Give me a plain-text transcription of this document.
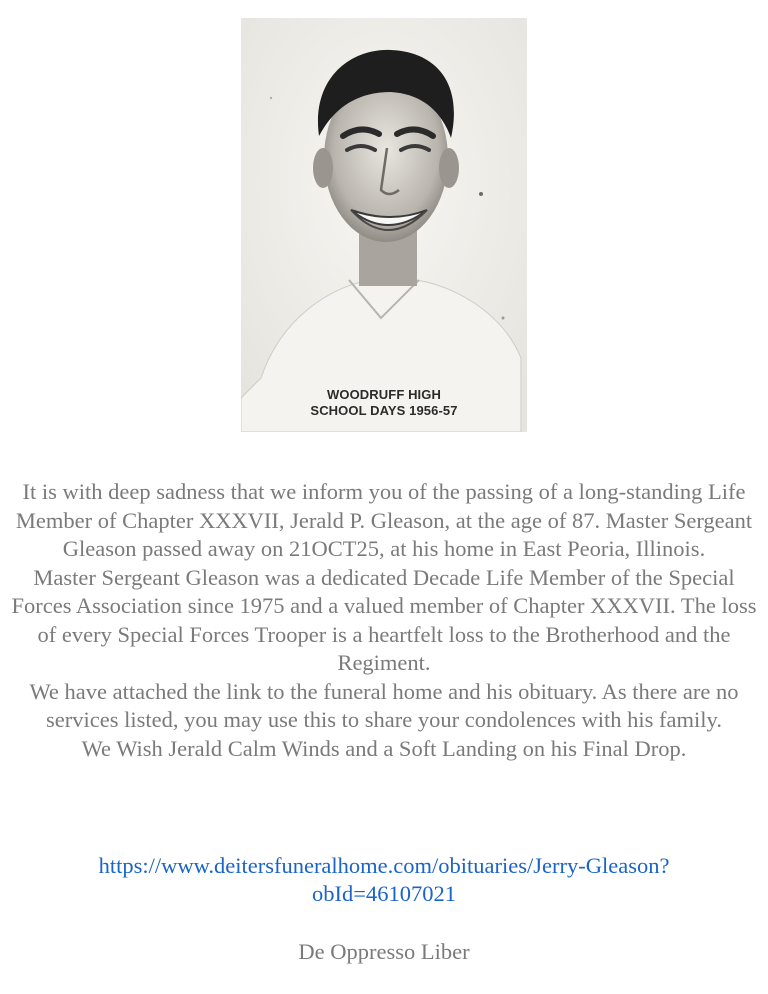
WOODRUFF HIGH
SCHOOL DAYS 1956-57

It is with deep sadness that we inform you of the passing of a long-standing Life Member of Chapter XXXVII, Jerald P. Gleason, at the age of 87. Master Sergeant Gleason passed away on 21OCT25, at his home in East Peoria, Illinois.

Master Sergeant Gleason was a dedicated Decade Life Member of the Special Forces Association since 1975 and a valued member of Chapter XXXVII. The loss of every Special Forces Trooper is a heartfelt loss to the Brotherhood and the Regiment.

We have attached the link to the funeral home and his obituary. As there are no services listed, you may use this to share your condolences with his family.

We Wish Jerald Calm Winds and a Soft Landing on his Final Drop.

https://www.deitersfuneralhome.com/obituaries/Jerry-Gleason?
obId=46107021
De Oppresso Liber
